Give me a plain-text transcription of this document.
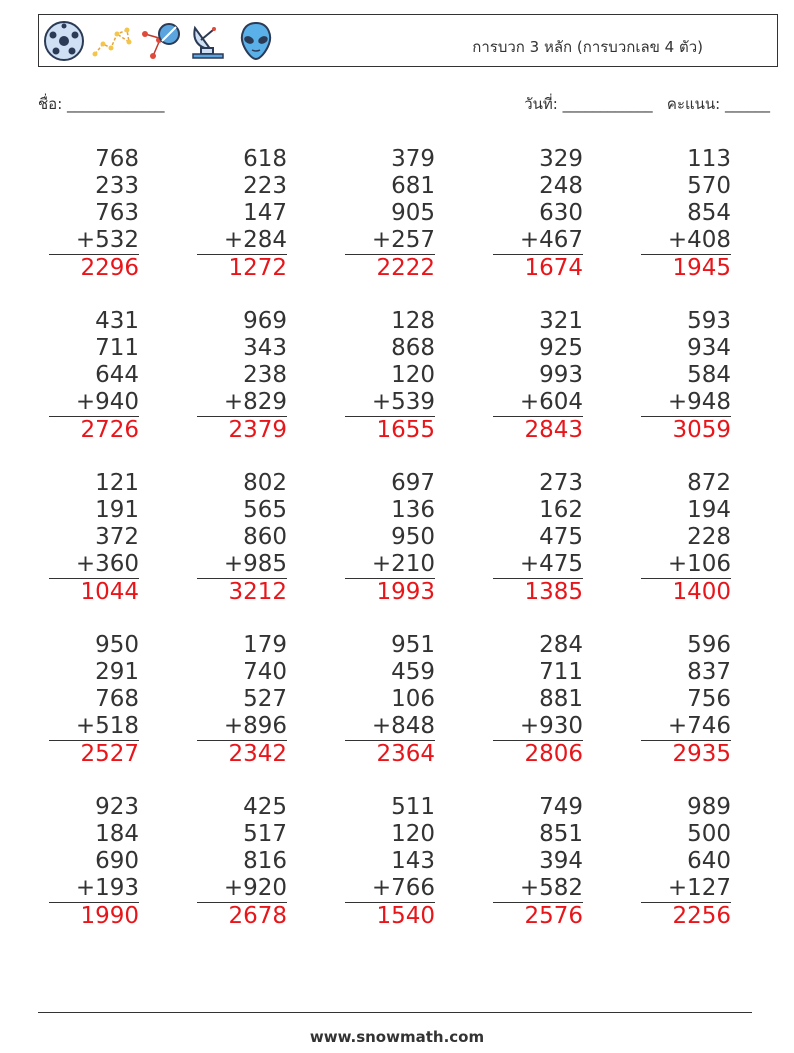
การบวก 3 หลัก (การบวกเลข 4 ตัว)
ชื่อ: _____________	วันที่: ____________ คะแนน: ______
768
233
763
+532
2296
618
223
147
+284
1272
379
681
905
+257
2222
329
248
630
+467
1674
113
570
854
+408
1945
431
711
644
+940
2726
969
343
238
+829
2379
128
868
120
+539
1655
321
925
993
+604
2843
593
934
584
+948
3059
121
191
372
+360
1044
802
565
860
+985
3212
697
136
950
+210
1993
273
162
475
+475
1385
872
194
228
+106
1400
950
291
768
+518
2527
179
740
527
+896
2342
951
459
106
+848
2364
284
711
881
+930
2806
596
837
756
+746
2935
923
184
690
+193
1990
425
517
816
+920
2678
511
120
143
+766
1540
749
851
394
+582
2576
989
500
640
+127
2256
www.snowmath.com
